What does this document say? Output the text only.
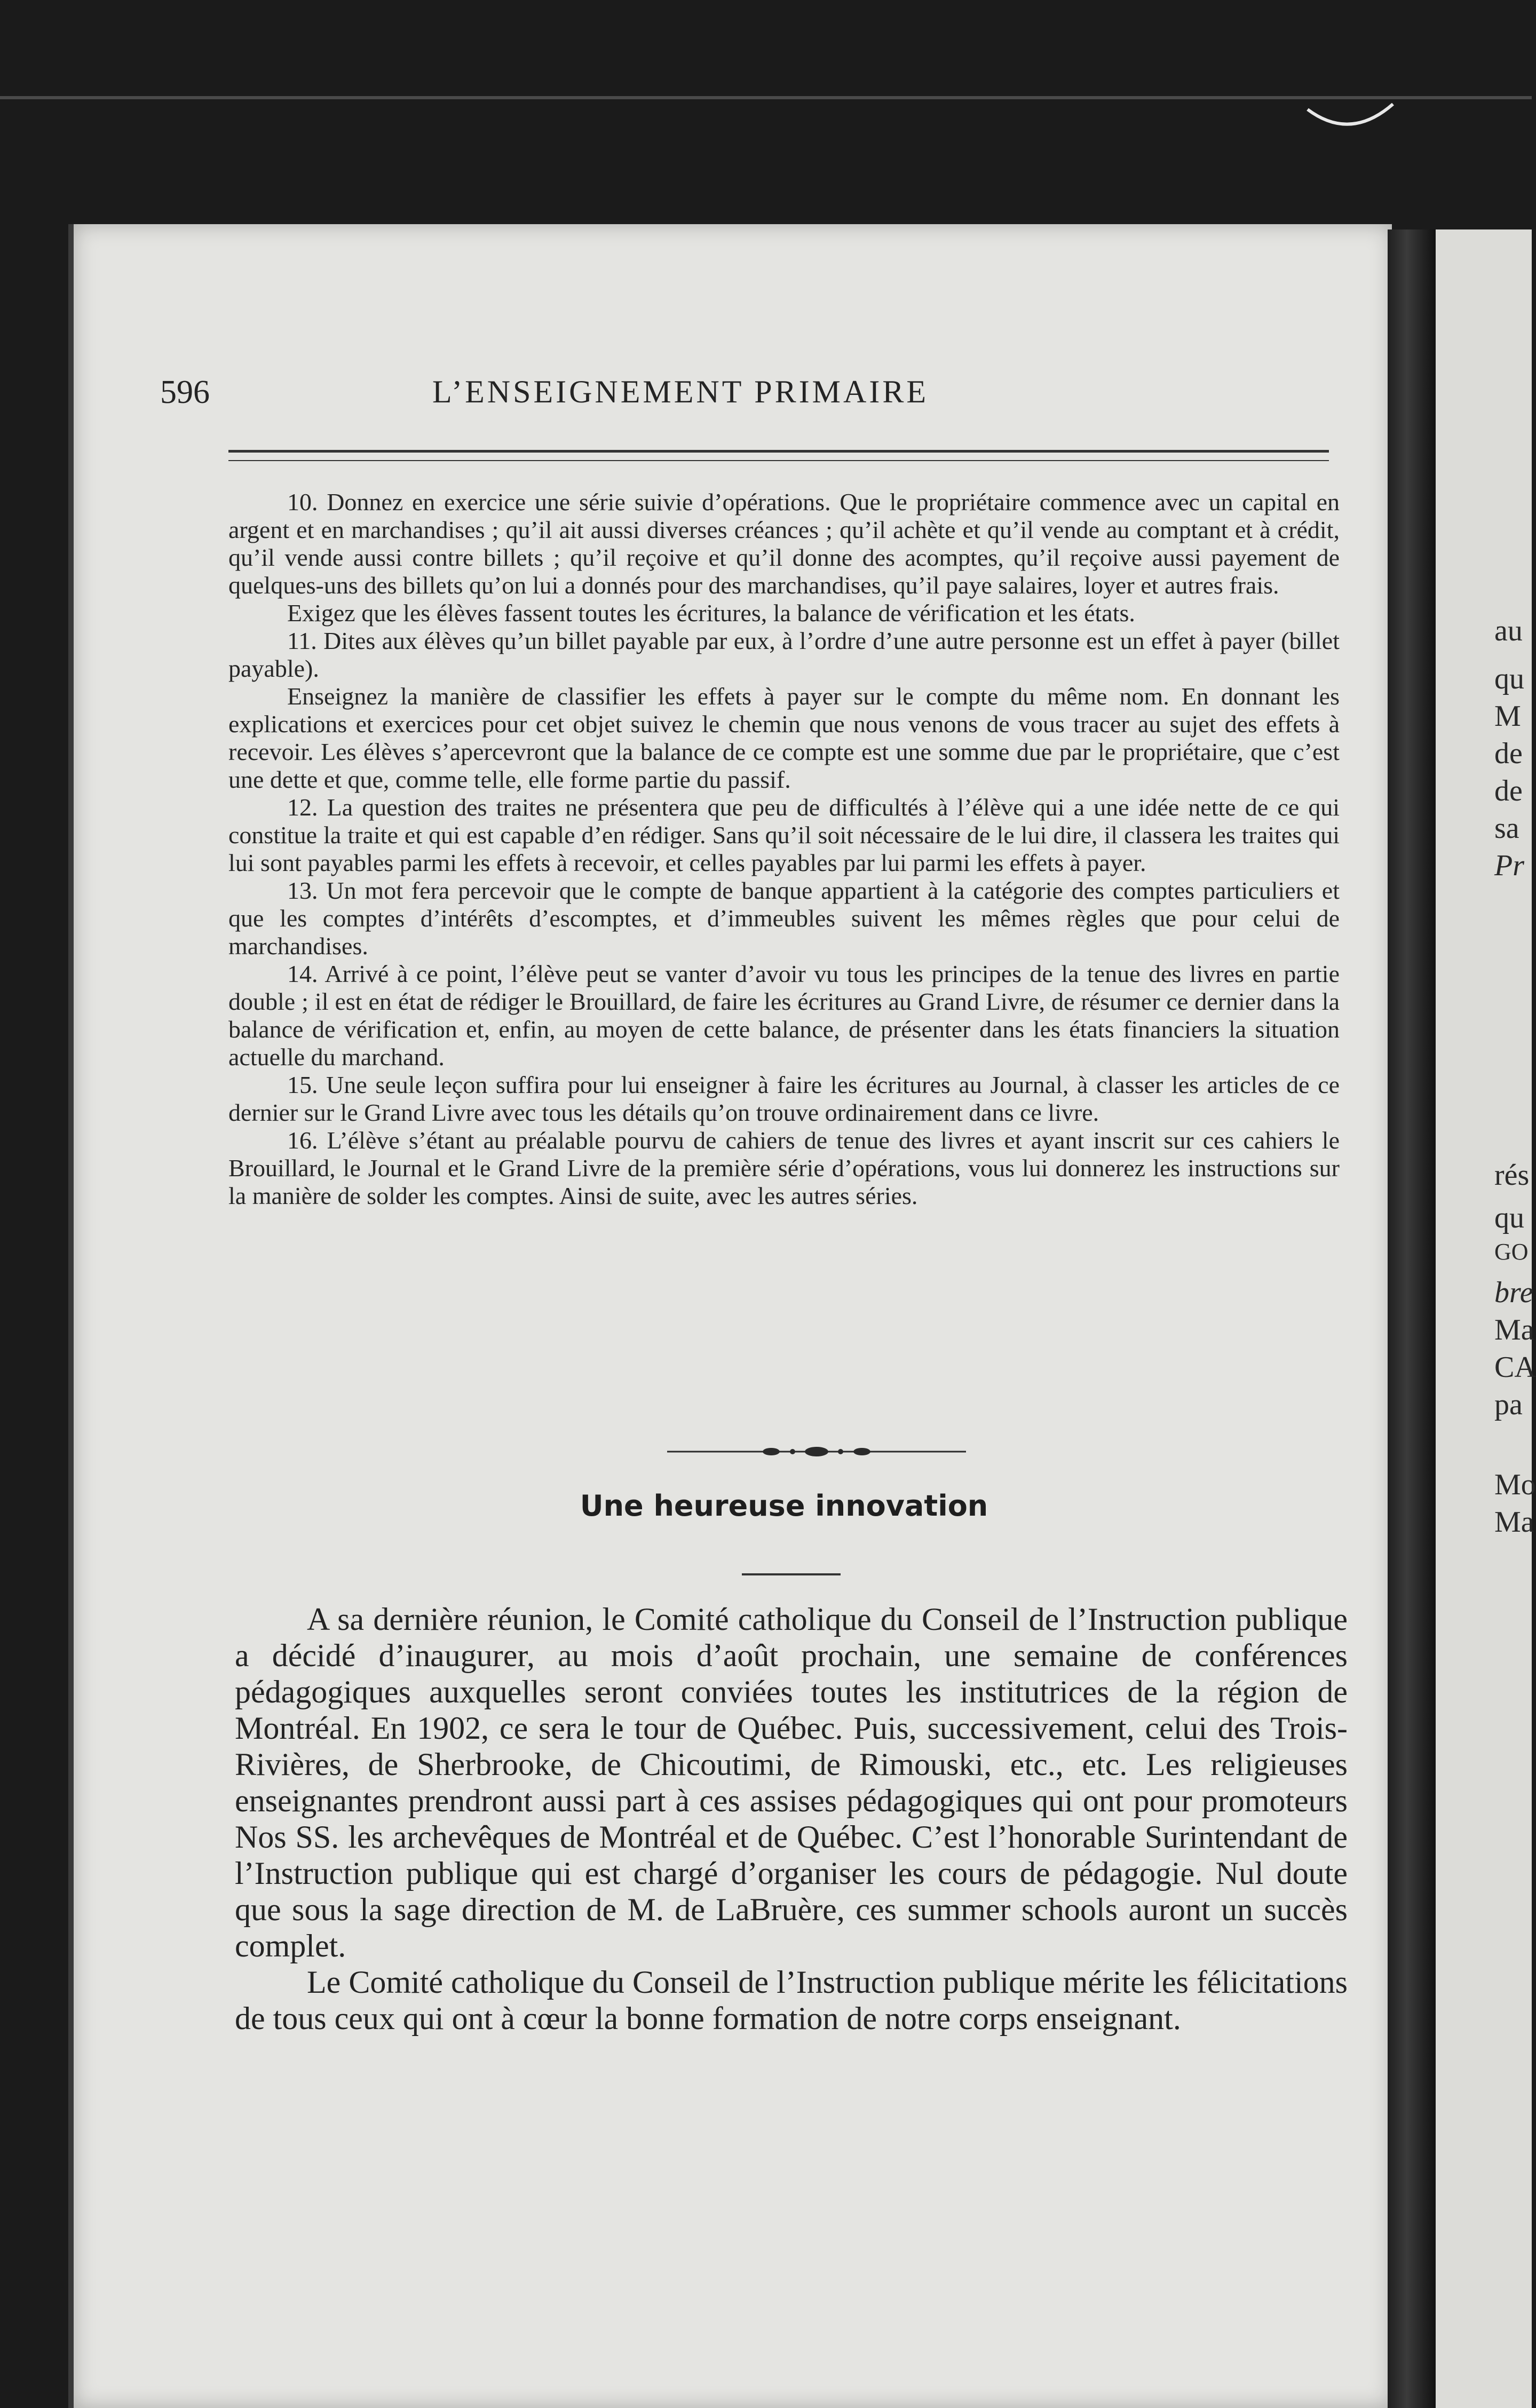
596	L’ENSEIGNEMENT PRIMAIRE

10. Donnez en exercice une série suivie d’opérations. Que le propriétaire commence avec un capital en argent et en marchandises ; qu’il ait aussi diverses créances ; qu’il achète et qu’il vende au comptant et à crédit, qu’il vende aussi contre billets ; qu’il reçoive et qu’il donne des acomptes, qu’il reçoive aussi payement de quelques-uns des billets qu’on lui a donnés pour des marchandises, qu’il paye salaires, loyer et autres frais.

Exigez que les élèves fassent toutes les écritures, la balance de vérification et les états.

11. Dites aux élèves qu’un billet payable par eux, à l’ordre d’une autre personne est un effet à payer (billet payable).

Enseignez la manière de classifier les effets à payer sur le compte du même nom. En donnant les explications et exercices pour cet objet suivez le chemin que nous venons de vous tracer au sujet des effets à recevoir. Les élèves s’apercevront que la balance de ce compte est une somme due par le propriétaire, que c’est une dette et que, comme telle, elle forme partie du passif.

12. La question des traites ne présentera que peu de difficultés à l’élève qui a une idée nette de ce qui constitue la traite et qui est capable d’en rédiger. Sans qu’il soit nécessaire de le lui dire, il classera les traites qui lui sont payables parmi les effets à recevoir, et celles payables par lui parmi les effets à payer.

13. Un mot fera percevoir que le compte de banque appartient à la catégorie des comptes particuliers et que les comptes d’intérêts d’escomptes, et d’immeubles suivent les mêmes règles que pour celui de marchandises.

14. Arrivé à ce point, l’élève peut se vanter d’avoir vu tous les principes de la tenue des livres en partie double ; il est en état de rédiger le Brouillard, de faire les écritures au Grand Livre, de résumer ce dernier dans la balance de vérification et, enfin, au moyen de cette balance, de présenter dans les états financiers la situation actuelle du marchand.

15. Une seule leçon suffira pour lui enseigner à faire les écritures au Journal, à classer les articles de ce dernier sur le Grand Livre avec tous les détails qu’on trouve ordinairement dans ce livre.

16. L’élève s’étant au préalable pourvu de cahiers de tenue des livres et ayant inscrit sur ces cahiers le Brouillard, le Journal et le Grand Livre de la première série d’opérations, vous lui donnerez les instructions sur la manière de solder les comptes. Ainsi de suite, avec les autres séries.

Une heureuse innovation

A sa dernière réunion, le Comité catholique du Conseil de l’Instruction publique a décidé d’inaugurer, au mois d’août prochain, une semaine de conférences pédagogiques auxquelles seront conviées toutes les institutrices de la région de Montréal. En 1902, ce sera le tour de Québec. Puis, successivement, celui des Trois-Rivières, de Sherbrooke, de Chicoutimi, de Rimouski, etc., etc. Les religieuses enseignantes prendront aussi part à ces assises pédagogiques qui ont pour promoteurs Nos SS. les archevêques de Montréal et de Québec. C’est l’honorable Surintendant de l’Instruction publique qui est chargé d’organiser les cours de pédagogie. Nul doute que sous la sage direction de M. de LaBruère, ces summer schools auront un succès complet.

Le Comité catholique du Conseil de l’Instruction publique mérite les félicitations de tous ceux qui ont à cœur la bonne formation de notre corps enseignant.

au
qu
M
de
de
sa
Pr
rés
qu
GO
bre
Ma
CA
pa
Mo
Ma
